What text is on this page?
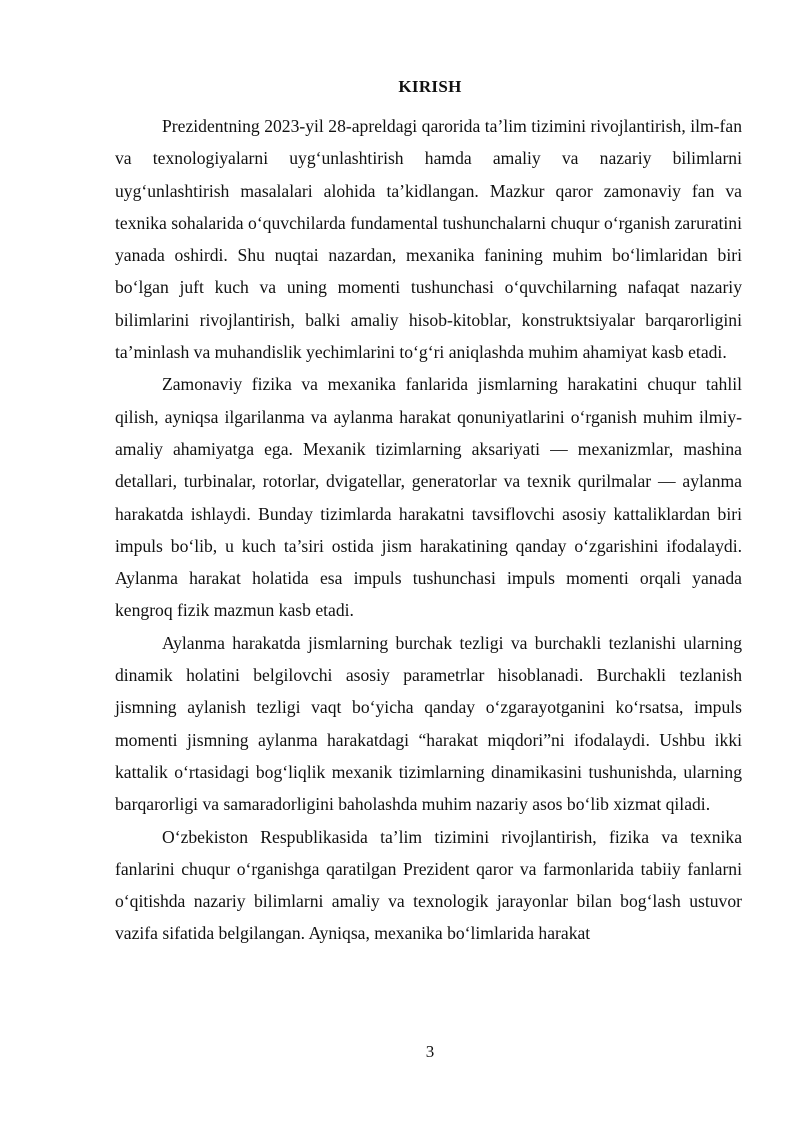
KIRISH

Prezidentning 2023-yil 28-apreldagi qarorida ta’lim tizimini rivojlantirish, ilm-fan va texnologiyalarni uyg‘unlashtirish hamda amaliy va nazariy bilimlarni uyg‘unlashtirish masalalari alohida ta’kidlangan. Mazkur qaror zamonaviy fan va texnika sohalarida o‘quvchilarda fundamental tushunchalarni chuqur o‘rganish zaruratini yanada oshirdi. Shu nuqtai nazardan, mexanika fanining muhim bo‘limlaridan biri bo‘lgan juft kuch va uning momenti tushunchasi o‘quvchilarning nafaqat nazariy bilimlarini rivojlantirish, balki amaliy hisob-kitoblar, konstruktsiyalar barqarorligini ta’minlash va muhandislik yechimlarini to‘g‘ri aniqlashda muhim ahamiyat kasb etadi.

Zamonaviy fizika va mexanika fanlarida jismlarning harakatini chuqur tahlil qilish, ayniqsa ilgarilanma va aylanma harakat qonuniyatlarini o‘rganish muhim ilmiy-amaliy ahamiyatga ega. Mexanik tizimlarning aksariyati — mexanizmlar, mashina detallari, turbinalar, rotorlar, dvigatellar, generatorlar va texnik qurilmalar — aylanma harakatda ishlaydi. Bunday tizimlarda harakatni tavsiflovchi asosiy kattaliklardan biri impuls bo‘lib, u kuch ta’siri ostida jism harakatining qanday o‘zgarishini ifodalaydi. Aylanma harakat holatida esa impuls tushunchasi impuls momenti orqali yanada kengroq fizik mazmun kasb etadi.

Aylanma harakatda jismlarning burchak tezligi va burchakli tezlanishi ularning dinamik holatini belgilovchi asosiy parametrlar hisoblanadi. Burchakli tezlanish jismning aylanish tezligi vaqt bo‘yicha qanday o‘zgarayotganini ko‘rsatsa, impuls momenti jismning aylanma harakatdagi “harakat miqdori”ni ifodalaydi. Ushbu ikki kattalik o‘rtasidagi bog‘liqlik mexanik tizimlarning dinamikasini tushunishda, ularning barqarorligi va samaradorligini baholashda muhim nazariy asos bo‘lib xizmat qiladi.

O‘zbekiston Respublikasida ta’lim tizimini rivojlantirish, fizika va texnika fanlarini chuqur o‘rganishga qaratilgan Prezident qaror va farmonlarida tabiiy fanlarni o‘qitishda nazariy bilimlarni amaliy va texnologik jarayonlar bilan bog‘lash ustuvor vazifa sifatida belgilangan. Ayniqsa, mexanika bo‘limlarida harakat

3
